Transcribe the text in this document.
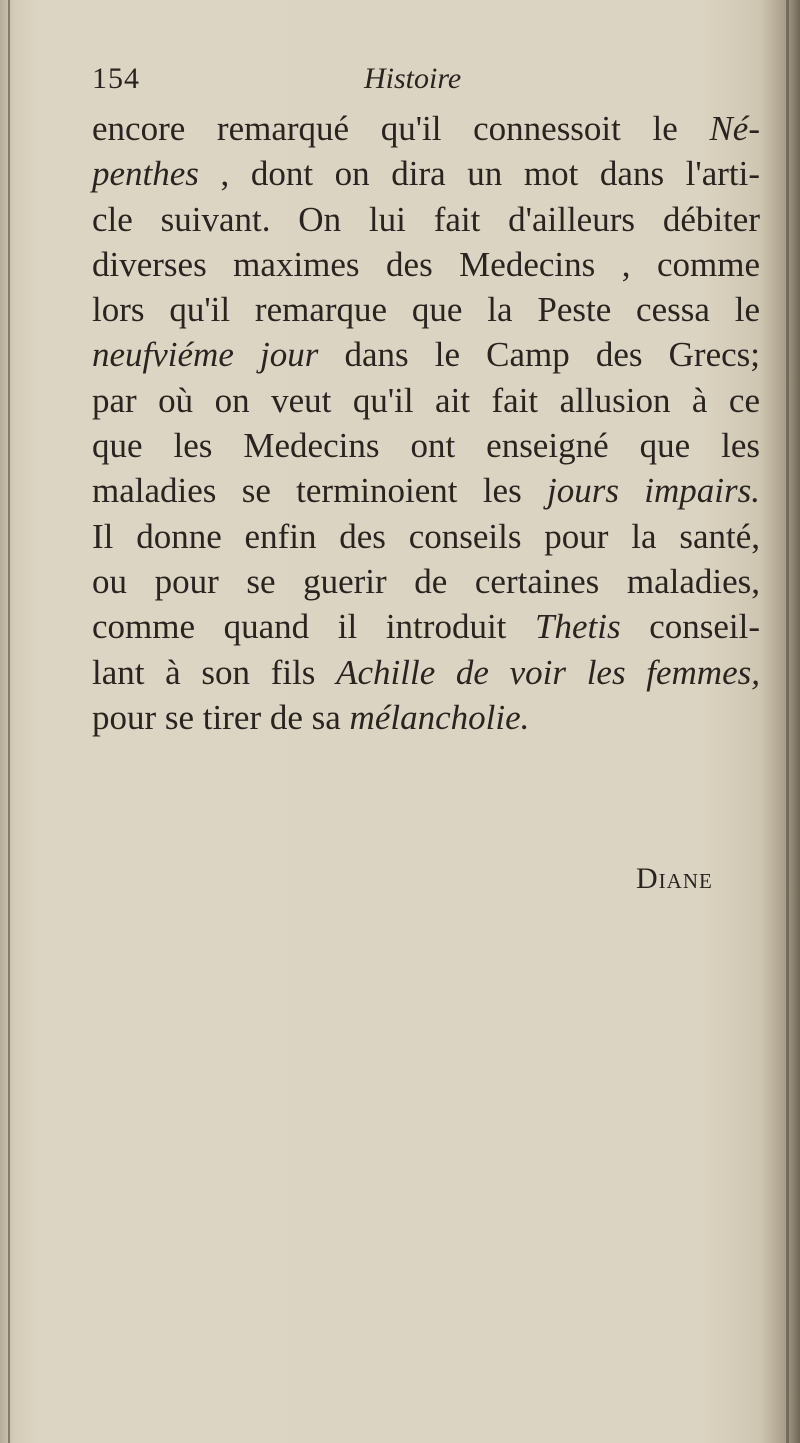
154	Histoire
encore remarqué qu'il connessoit le Né-
penthes , dont on dira un mot dans l'arti-
cle suivant. On lui fait d'ailleurs débiter
diverses maximes des Medecins , comme
lors qu'il remarque que la Peste cessa le
neufviéme jour dans le Camp des Grecs;
par où on veut qu'il ait fait allusion à ce
que les Medecins ont enseigné que les
maladies se terminoient les jours impairs.
Il donne enfin des conseils pour la santé,
ou pour se guerir de certaines maladies,
comme quand il introduit Thetis conseil-
lant à son fils Achille de voir les femmes,
pour se tirer de sa mélancholie.
Diane
